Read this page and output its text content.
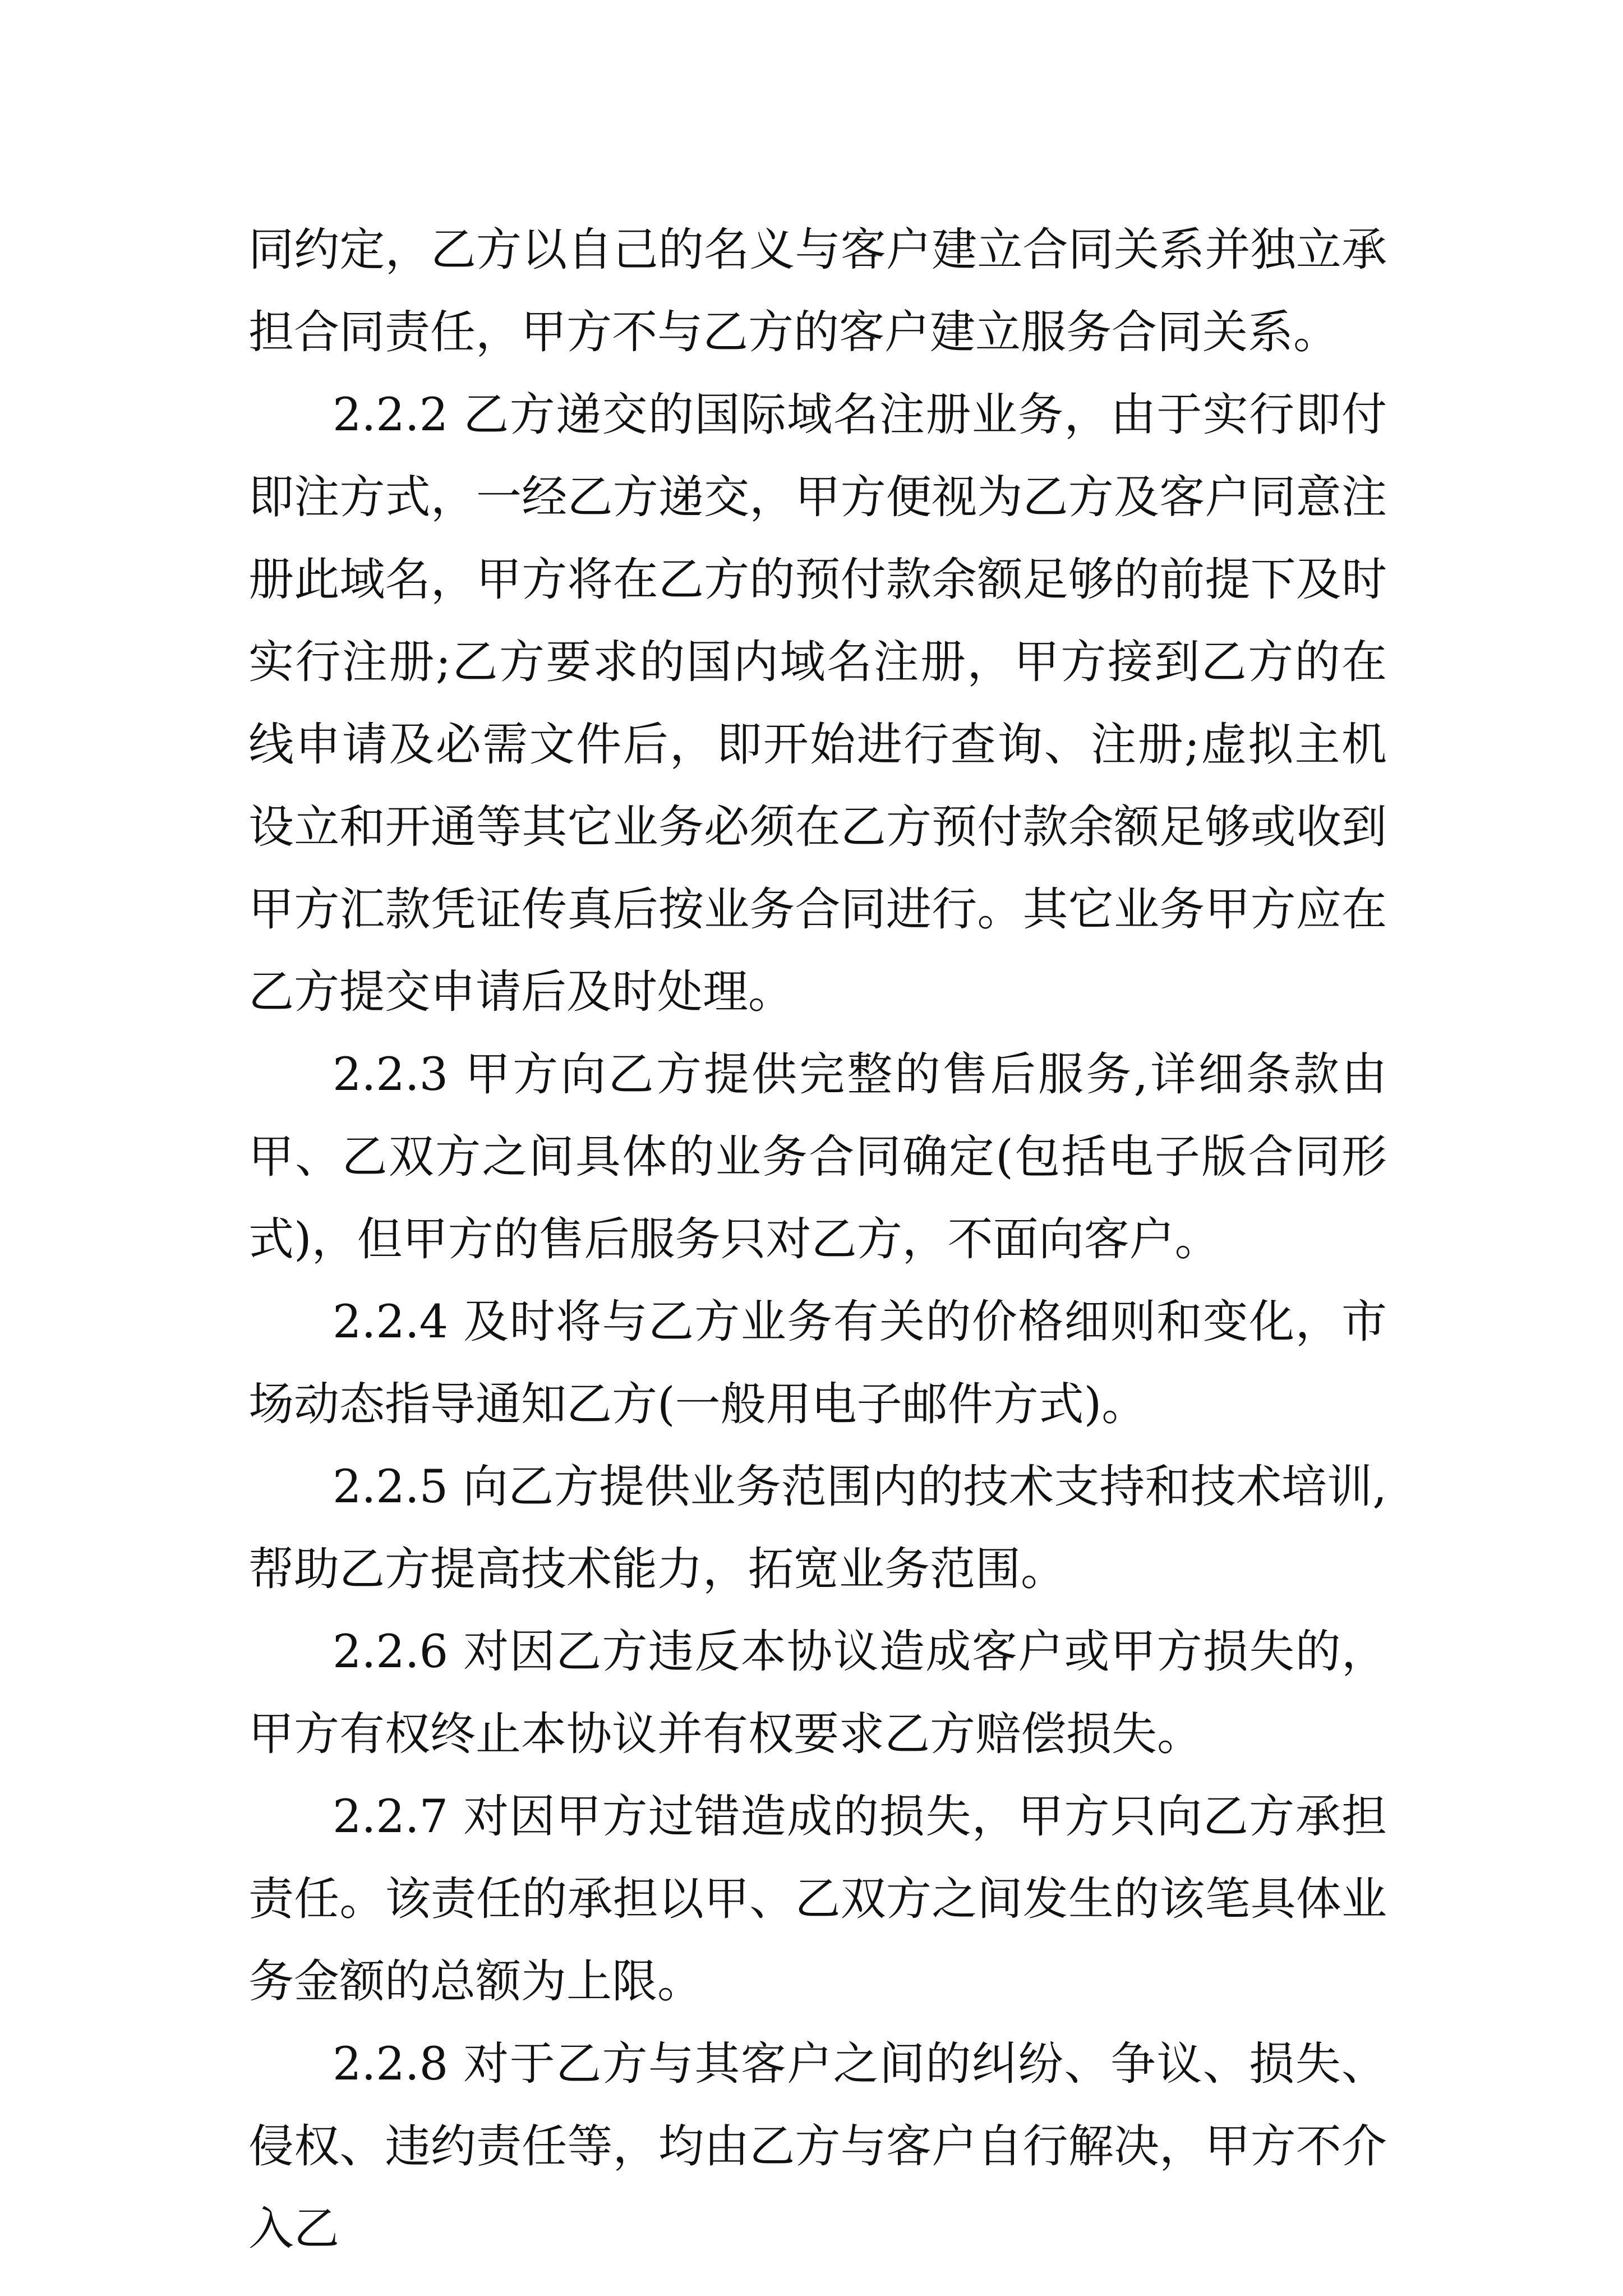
同约定，乙方以自己的名义与客户建立合同关系并独立承担合同责任，甲方不与乙方的客户建立服务合同关系。

2.2.2 乙方递交的国际域名注册业务，由于实行即付即注方式，一经乙方递交，甲方便视为乙方及客户同意注册此域名，甲方将在乙方的预付款余额足够的前提下及时实行注册;乙方要求的国内域名注册，甲方接到乙方的在线申请及必需文件后，即开始进行查询、注册;虚拟主机设立和开通等其它业务必须在乙方预付款余额足够或收到甲方汇款凭证传真后按业务合同进行。其它业务甲方应在乙方提交申请后及时处理。

2.2.3 甲方向乙方提供完整的售后服务,详细条款由甲、乙双方之间具体的业务合同确定(包括电子版合同形式)，但甲方的售后服务只对乙方，不面向客户。

2.2.4 及时将与乙方业务有关的价格细则和变化，市场动态指导通知乙方(一般用电子邮件方式)。

2.2.5 向乙方提供业务范围内的技术支持和技术培训,帮助乙方提高技术能力，拓宽业务范围。

2.2.6 对因乙方违反本协议造成客户或甲方损失的，甲方有权终止本协议并有权要求乙方赔偿损失。

2.2.7 对因甲方过错造成的损失，甲方只向乙方承担责任。该责任的承担以甲、乙双方之间发生的该笔具体业务金额的总额为上限。

2.2.8 对于乙方与其客户之间的纠纷、争议、损失、侵权、违约责任等，均由乙方与客户自行解决，甲方不介入乙
